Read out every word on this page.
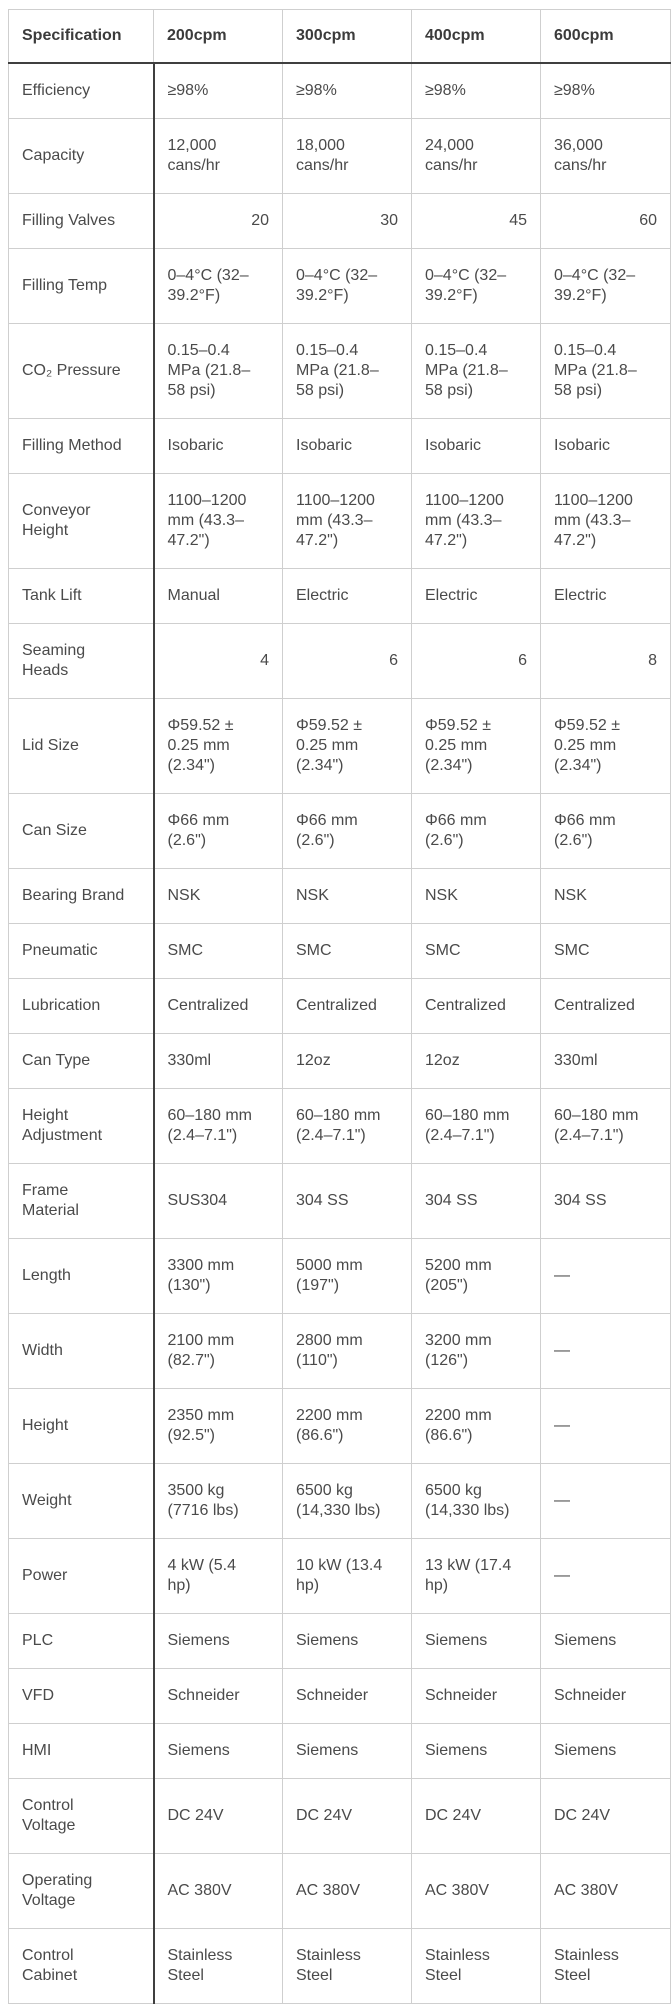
Specification	200cpm	300cpm	400cpm	600cpm
Efficiency	≥98%	≥98%	≥98%	≥98%
Capacity	12,000 cans/hr	18,000 cans/hr	24,000 cans/hr	36,000 cans/hr
Filling Valves	20	30	45	60
Filling Temp	0–4°C (32–39.2°F)	0–4°C (32–39.2°F)	0–4°C (32–39.2°F)	0–4°C (32–39.2°F)
CO₂ Pressure	0.15–0.4 MPa (21.8–58 psi)	0.15–0.4 MPa (21.8–58 psi)	0.15–0.4 MPa (21.8–58 psi)	0.15–0.4 MPa (21.8–58 psi)
Filling Method	Isobaric	Isobaric	Isobaric	Isobaric
Conveyor Height	1100–1200 mm (43.3–47.2")	1100–1200 mm (43.3–47.2")	1100–1200 mm (43.3–47.2")	1100–1200 mm (43.3–47.2")
Tank Lift	Manual	Electric	Electric	Electric
Seaming Heads	4	6	6	8
Lid Size	Φ59.52 ± 0.25 mm (2.34")	Φ59.52 ± 0.25 mm (2.34")	Φ59.52 ± 0.25 mm (2.34")	Φ59.52 ± 0.25 mm (2.34")
Can Size	Φ66 mm (2.6")	Φ66 mm (2.6")	Φ66 mm (2.6")	Φ66 mm (2.6")
Bearing Brand	NSK	NSK	NSK	NSK
Pneumatic	SMC	SMC	SMC	SMC
Lubrication	Centralized	Centralized	Centralized	Centralized
Can Type	330ml	12oz	12oz	330ml
Height Adjustment	60–180 mm (2.4–7.1")	60–180 mm (2.4–7.1")	60–180 mm (2.4–7.1")	60–180 mm (2.4–7.1")
Frame Material	SUS304	304 SS	304 SS	304 SS
Length	3300 mm (130")	5000 mm (197")	5200 mm (205")	—
Width	2100 mm (82.7")	2800 mm (110")	3200 mm (126")	—
Height	2350 mm (92.5")	2200 mm (86.6")	2200 mm (86.6")	—
Weight	3500 kg (7716 lbs)	6500 kg (14,330 lbs)	6500 kg (14,330 lbs)	—
Power	4 kW (5.4 hp)	10 kW (13.4 hp)	13 kW (17.4 hp)	—
PLC	Siemens	Siemens	Siemens	Siemens
VFD	Schneider	Schneider	Schneider	Schneider
HMI	Siemens	Siemens	Siemens	Siemens
Control Voltage	DC 24V	DC 24V	DC 24V	DC 24V
Operating Voltage	AC 380V	AC 380V	AC 380V	AC 380V
Control Cabinet	Stainless Steel	Stainless Steel	Stainless Steel	Stainless Steel
